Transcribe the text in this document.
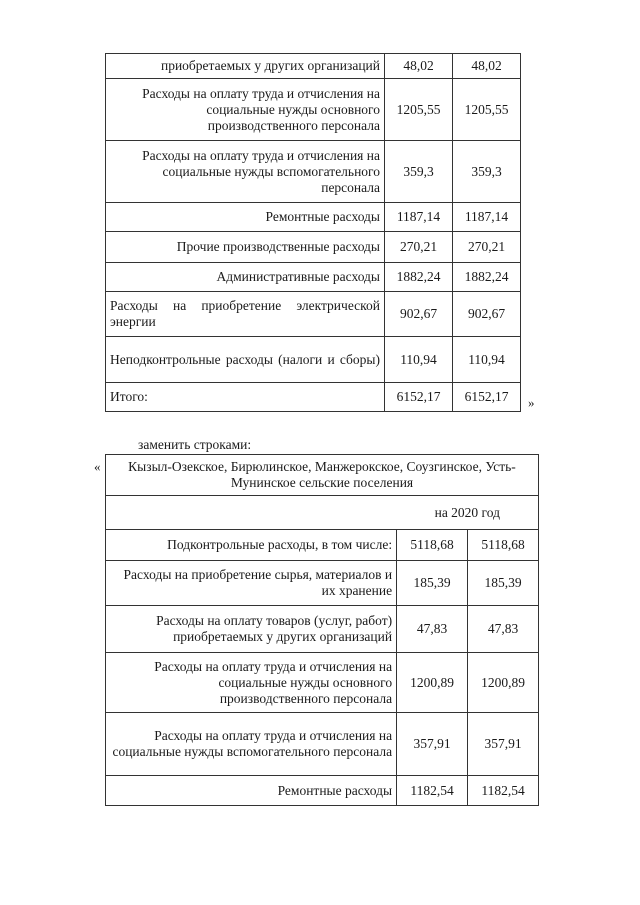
приобретаемых у других организаций	48,02	48,02
Расходы на оплату труда и отчисления на социальные нужды основного производственного персонала	1205,55	1205,55
Расходы на оплату труда и отчисления на социальные нужды вспомогательного персонала	359,3	359,3
Ремонтные расходы	1187,14	1187,14
Прочие производственные расходы	270,21	270,21
Административные расходы	1882,24	1882,24
Расходы на приобретение электрической энергии	902,67	902,67
Неподконтрольные расходы (налоги и сборы)	110,94	110,94
Итого:	6152,17	6152,17 »
заменить строками:
« Кызыл-Озекское, Бирюлинское, Манжерокское, Соузгинское, Усть-Мунинское сельские поселения		
	на 2020 год	
Подконтрольные расходы, в том числе:	5118,68	5118,68
Расходы на приобретение сырья, материалов и их хранение	185,39	185,39
Расходы на оплату товаров (услуг, работ) приобретаемых у других организаций	47,83	47,83
Расходы на оплату труда и отчисления на социальные нужды основного производственного персонала	1200,89	1200,89
Расходы на оплату труда и отчисления на социальные нужды вспомогательного персонала	357,91	357,91
Ремонтные расходы	1182,54	1182,54
